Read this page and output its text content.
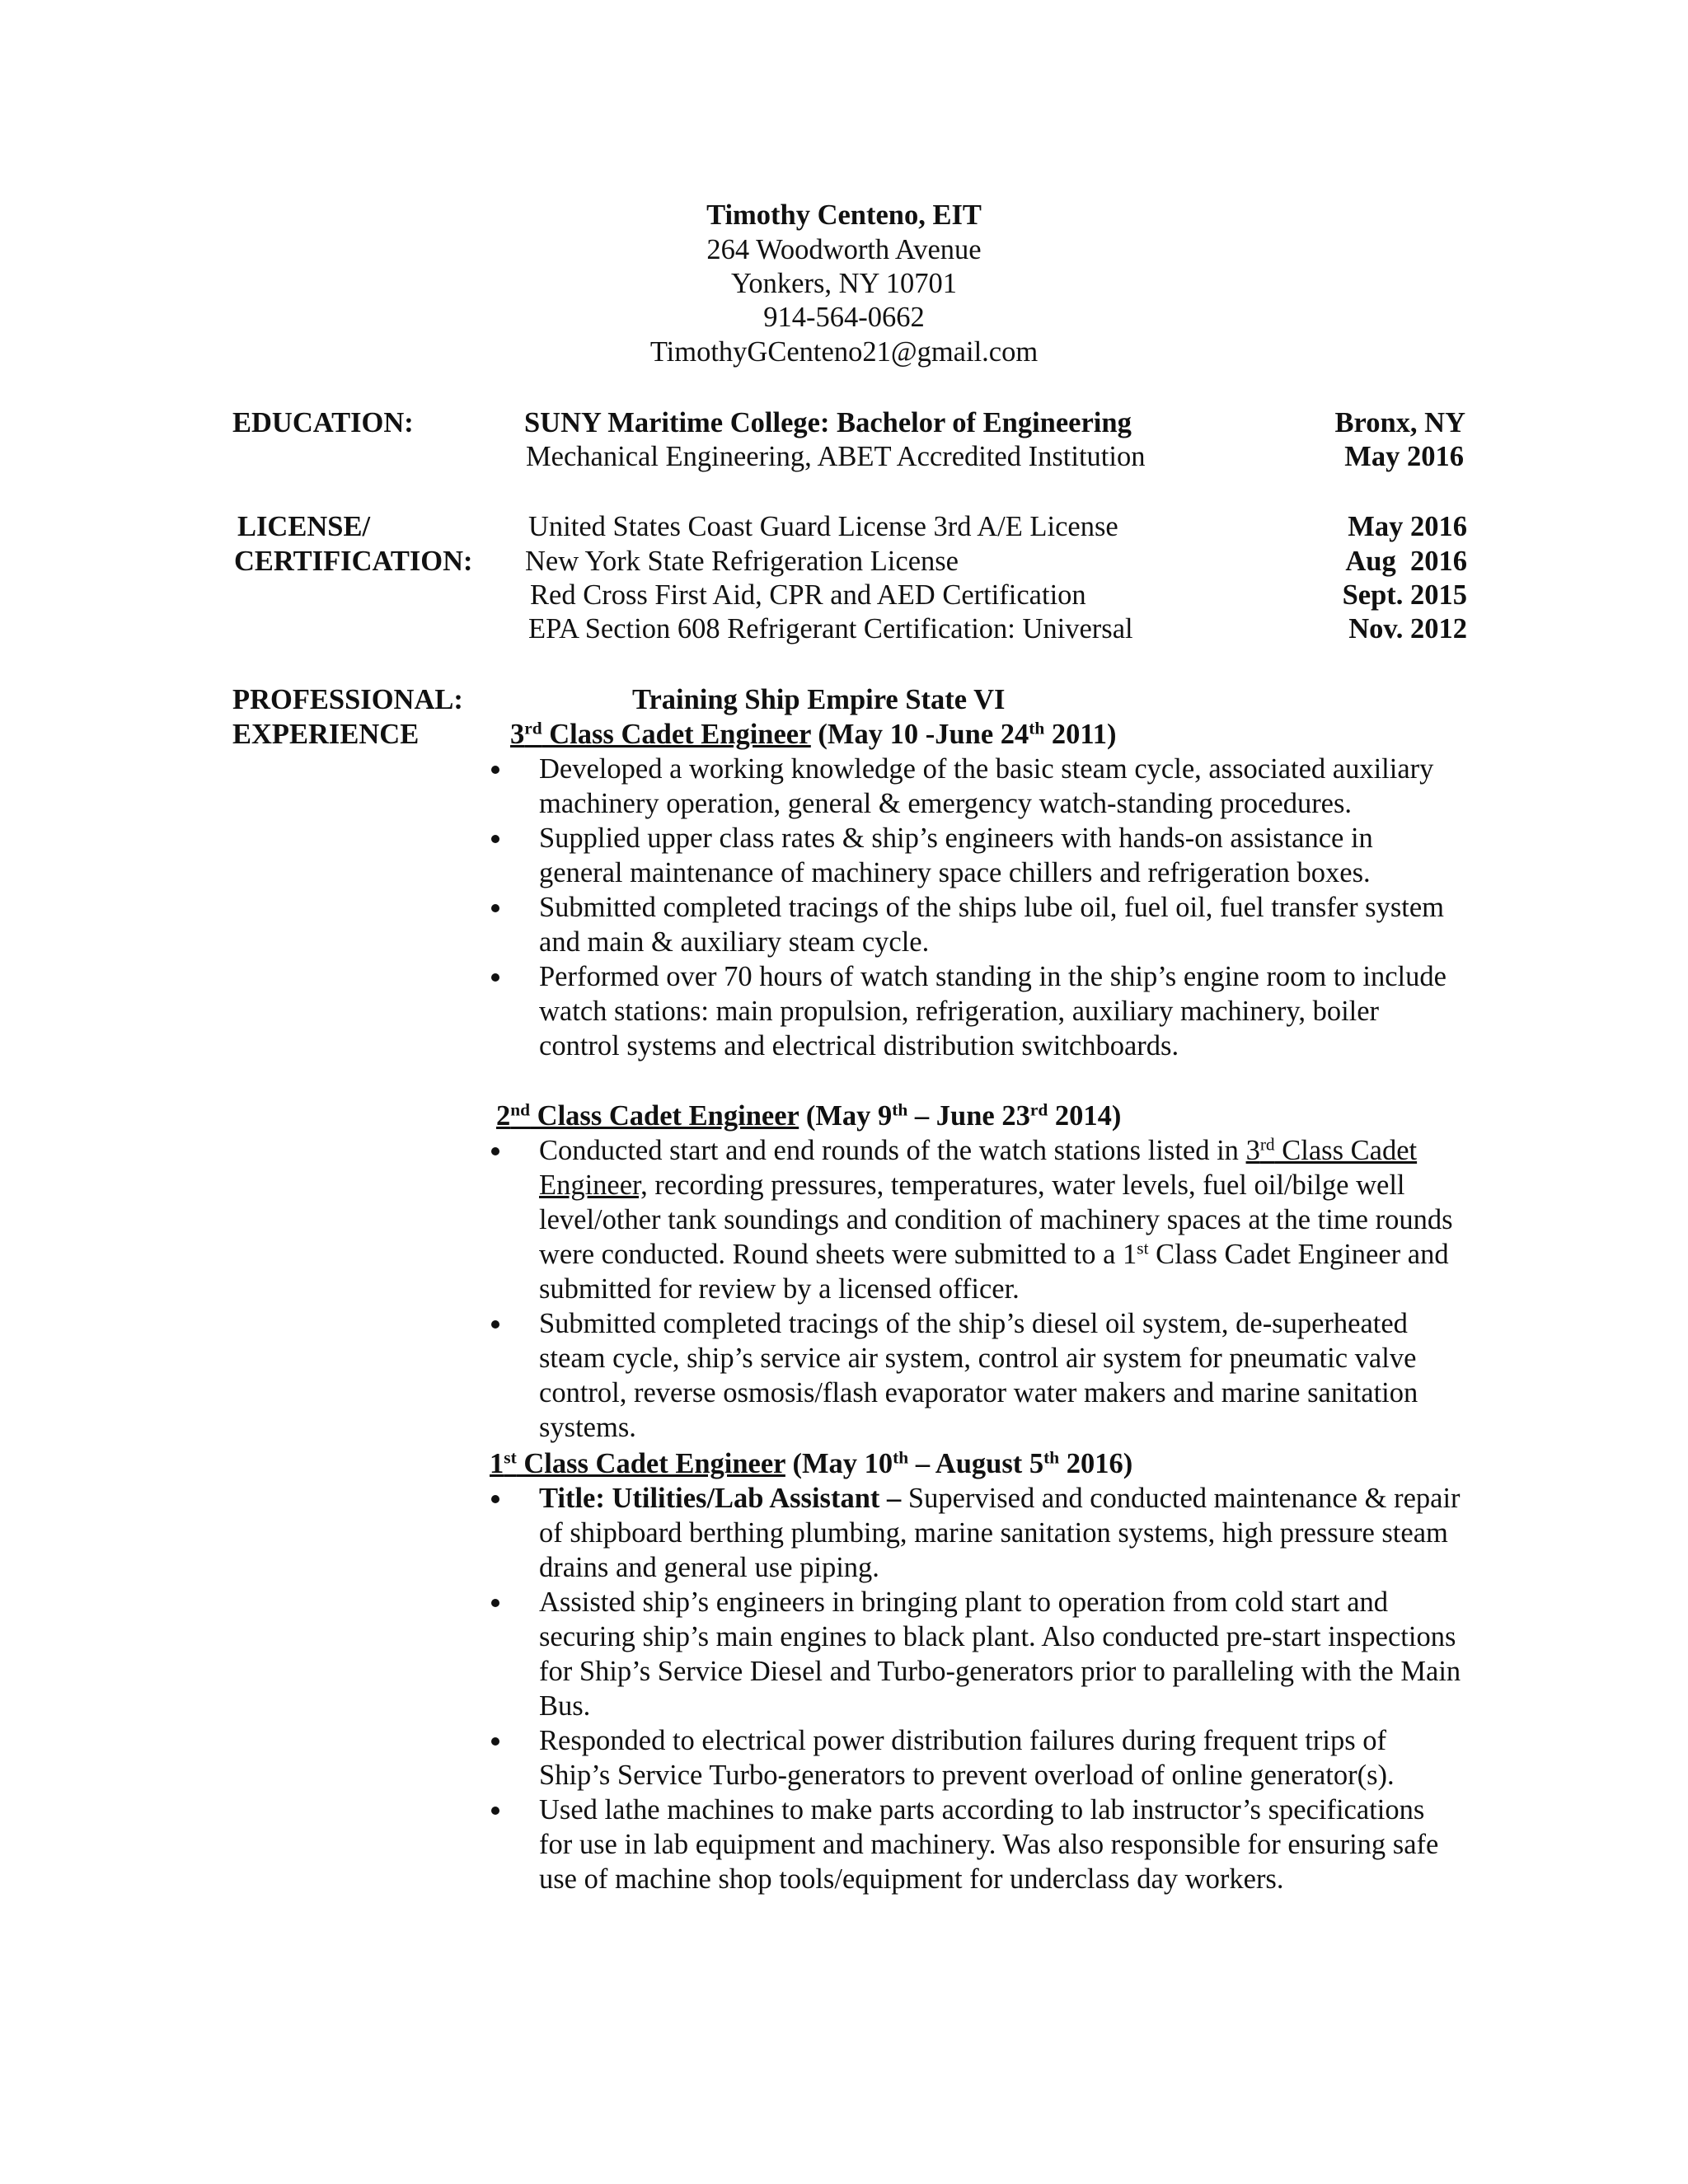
Timothy Centeno, EIT
264 Woodworth Avenue
Yonkers, NY 10701
914-564-0662
TimothyGCenteno21@gmail.com
EDUCATION:	SUNY Maritime College: Bachelor of Engineering	Bronx, NY
Mechanical Engineering, ABET Accredited Institution	May 2016
LICENSE/
CERTIFICATION:
United States Coast Guard License 3rd A/E License	May 2016
New York State Refrigeration License	Aug  2016
Red Cross First Aid, CPR and AED Certification	Sept. 2015
EPA Section 608 Refrigerant Certification: Universal	Nov. 2012
PROFESSIONAL:
EXPERIENCE
Training Ship Empire State VI
3rd Class Cadet Engineer (May 10 -June 24th 2011)
Developed a working knowledge of the basic steam cycle, associated auxiliary machinery operation, general & emergency watch-standing procedures.
Supplied upper class rates & ship’s engineers with hands-on assistance in general maintenance of machinery space chillers and refrigeration boxes.
Submitted completed tracings of the ships lube oil, fuel oil, fuel transfer system and main & auxiliary steam cycle.
Performed over 70 hours of watch standing in the ship’s engine room to include watch stations: main propulsion, refrigeration, auxiliary machinery, boiler control systems and electrical distribution switchboards.
2nd Class Cadet Engineer (May 9th – June 23rd 2014)
Conducted start and end rounds of the watch stations listed in 3rd Class Cadet Engineer, recording pressures, temperatures, water levels, fuel oil/bilge well level/other tank soundings and condition of machinery spaces at the time rounds were conducted. Round sheets were submitted to a 1st Class Cadet Engineer and submitted for review by a licensed officer.
Submitted completed tracings of the ship’s diesel oil system, de-superheated steam cycle, ship’s service air system, control air system for pneumatic valve control, reverse osmosis/flash evaporator water makers and marine sanitation systems.
1st Class Cadet Engineer (May 10th – August 5th 2016)
Title: Utilities/Lab Assistant – Supervised and conducted maintenance & repair of shipboard berthing plumbing, marine sanitation systems, high pressure steam drains and general use piping.
Assisted ship’s engineers in bringing plant to operation from cold start and securing ship’s main engines to black plant. Also conducted pre-start inspections for Ship’s Service Diesel and Turbo-generators prior to paralleling with the Main Bus.
Responded to electrical power distribution failures during frequent trips of Ship’s Service Turbo-generators to prevent overload of online generator(s).
Used lathe machines to make parts according to lab instructor’s specifications for use in lab equipment and machinery. Was also responsible for ensuring safe use of machine shop tools/equipment for underclass day workers.
